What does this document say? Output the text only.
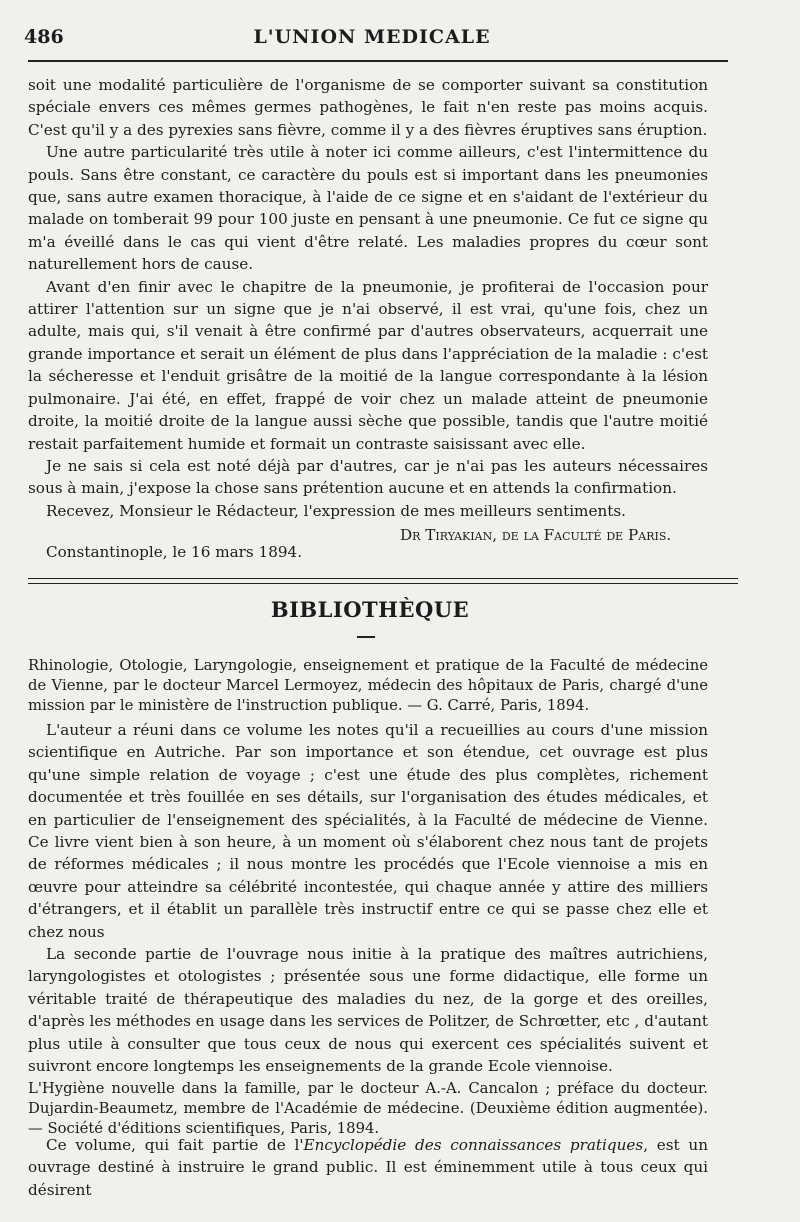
486	L'UNION MEDICALE

soit une modalité particulière de l'organisme de se comporter suivant sa constitution spéciale envers ces mêmes germes pathogènes, le fait n'en reste pas moins acquis. C'est qu'il y a des pyrexies sans fièvre, comme il y a des fièvres éruptives sans éruption.

Une autre particularité très utile à noter ici comme ailleurs, c'est l'intermittence du pouls. Sans être constant, ce caractère du pouls est si important dans les pneumonies que, sans autre examen thoracique, à l'aide de ce signe et en s'aidant de l'extérieur du malade on tomberait 99 pour 100 juste en pensant à une pneumonie. Ce fut ce signe qu m'a éveillé dans le cas qui vient d'être relaté. Les maladies propres du cœur sont naturellement hors de cause.

Avant d'en finir avec le chapitre de la pneumonie, je profiterai de l'occasion pour attirer l'attention sur un signe que je n'ai observé, il est vrai, qu'une fois, chez un adulte, mais qui, s'il venait à être confirmé par d'autres observateurs, acquerrait une grande importance et serait un élément de plus dans l'appréciation de la maladie : c'est la sécheresse et l'enduit grisâtre de la moitié de la langue correspondante à la lésion pulmonaire. J'ai été, en effet, frappé de voir chez un malade atteint de pneumonie droite, la moitié droite de la langue aussi sèche que possible, tandis que l'autre moitié restait parfaitement humide et formait un contraste saisissant avec elle.

Je ne sais si cela est noté déjà par d'autres, car je n'ai pas les auteurs nécessaires sous à main, j'expose la chose sans prétention aucune et en attends la confirmation.

Recevez, Monsieur le Rédacteur, l'expression de mes meilleurs sentiments.

Dr Tiryakian, de la Faculté de Paris.
Constantinople, le 16 mars 1894.
BIBLIOTHÈQUE
Rhinologie, Otologie, Laryngologie, enseignement et pratique de la Faculté de médecine de Vienne, par le docteur Marcel Lermoyez, médecin des hôpitaux de Paris, chargé d'une mission par le ministère de l'instruction publique. — G. Carré, Paris, 1894.

L'auteur a réuni dans ce volume les notes qu'il a recueillies au cours d'une mission scientifique en Autriche. Par son importance et son étendue, cet ouvrage est plus qu'une simple relation de voyage ; c'est une étude des plus complètes, richement documentée et très fouillée en ses détails, sur l'organisation des études médicales, et en particulier de l'enseignement des spécialités, à la Faculté de médecine de Vienne. Ce livre vient bien à son heure, à un moment où s'élaborent chez nous tant de projets de réformes médicales ; il nous montre les procédés que l'Ecole viennoise a mis en œuvre pour atteindre sa célébrité incontestée, qui chaque année y attire des milliers d'étrangers, et il établit un parallèle très instructif entre ce qui se passe chez elle et chez nous

La seconde partie de l'ouvrage nous initie à la pratique des maîtres autrichiens, laryngologistes et otologistes ; présentée sous une forme didactique, elle forme un véritable traité de thérapeutique des maladies du nez, de la gorge et des oreilles, d'après les méthodes en usage dans les services de Politzer, de Schrœtter, etc , d'autant plus utile à consulter que tous ceux de nous qui exercent ces spécialités suivent et suivront encore longtemps les enseignements de la grande Ecole viennoise.

L'Hygiène nouvelle dans la famille, par le docteur A.-A. Cancalon ; préface du docteur. Dujardin-Beaumetz, membre de l'Académie de médecine. (Deuxième édition augmentée). — Société d'éditions scientifiques, Paris, 1894.

Ce volume, qui fait partie de l'Encyclopédie des connaissances pratiques, est un ouvrage destiné à instruire le grand public. Il est éminemment utile à tous ceux qui désirent
